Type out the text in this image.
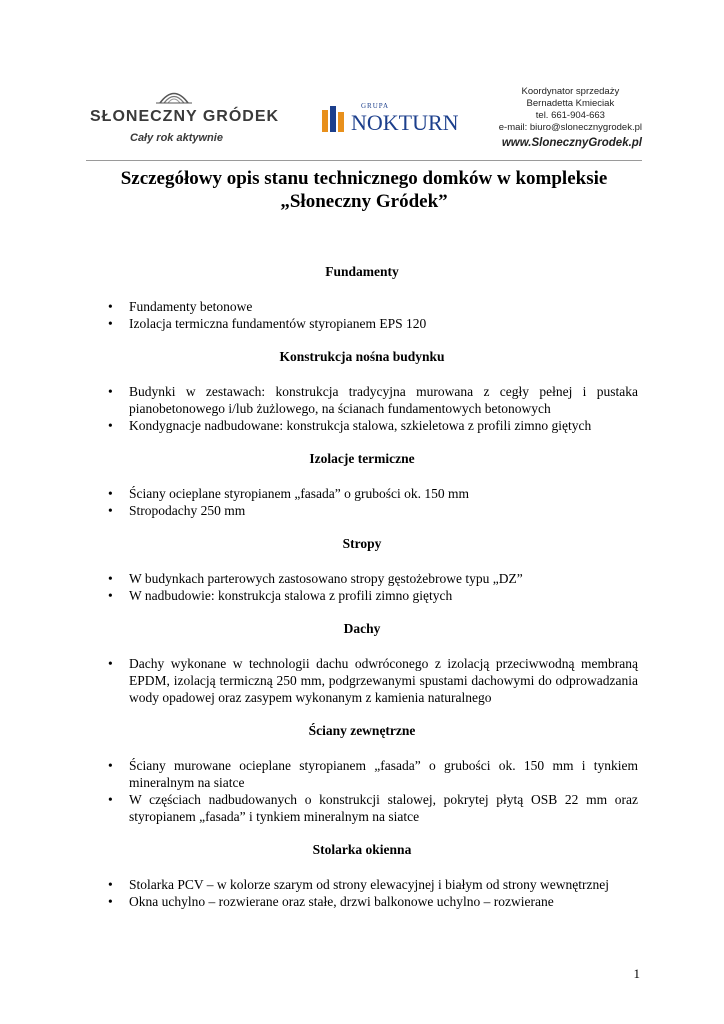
SŁONECZNY GRÓDEK
Cały rok aktywnie
GRUPA
NOKTURN
Koordynator sprzedaży
Bernadetta Kmieciak
tel. 661-904-663
e-mail: biuro@slonecznygrodek.pl
www.SlonecznyGrodek.pl
Szczegółowy opis stanu technicznego domków w kompleksie
„Słoneczny Gródek”
Fundamenty
•	Fundamenty betonowe
•	Izolacja termiczna fundamentów styropianem EPS 120
Konstrukcja nośna budynku
•	Budynki w zestawach: konstrukcja tradycyjna murowana z cegły pełnej i pustaka pianobetonowego i/lub żużlowego, na ścianach fundamentowych betonowych
•	Kondygnacje nadbudowane: konstrukcja stalowa, szkieletowa z profili zimno giętych
Izolacje termiczne
•	Ściany ocieplane styropianem „fasada” o grubości ok. 150 mm
•	Stropodachy 250 mm
Stropy
•	W budynkach parterowych zastosowano stropy gęstożebrowe typu „DZ”
•	W nadbudowie: konstrukcja stalowa z profili zimno giętych
Dachy
•	Dachy wykonane w technologii dachu odwróconego z izolacją przeciwwodną membraną EPDM, izolacją termiczną 250 mm, podgrzewanymi spustami dachowymi do odprowadzania wody opadowej oraz zasypem wykonanym z kamienia naturalnego
Ściany zewnętrzne
•	Ściany murowane ocieplane styropianem „fasada” o grubości ok. 150 mm i tynkiem mineralnym na siatce
•	W częściach nadbudowanych o konstrukcji stalowej, pokrytej płytą OSB 22 mm oraz styropianem „fasada” i tynkiem mineralnym na siatce
Stolarka okienna
•	Stolarka PCV – w kolorze szarym od strony elewacyjnej i białym od strony wewnętrznej
•	Okna uchylno – rozwierane oraz stałe, drzwi balkonowe uchylno – rozwierane
1
